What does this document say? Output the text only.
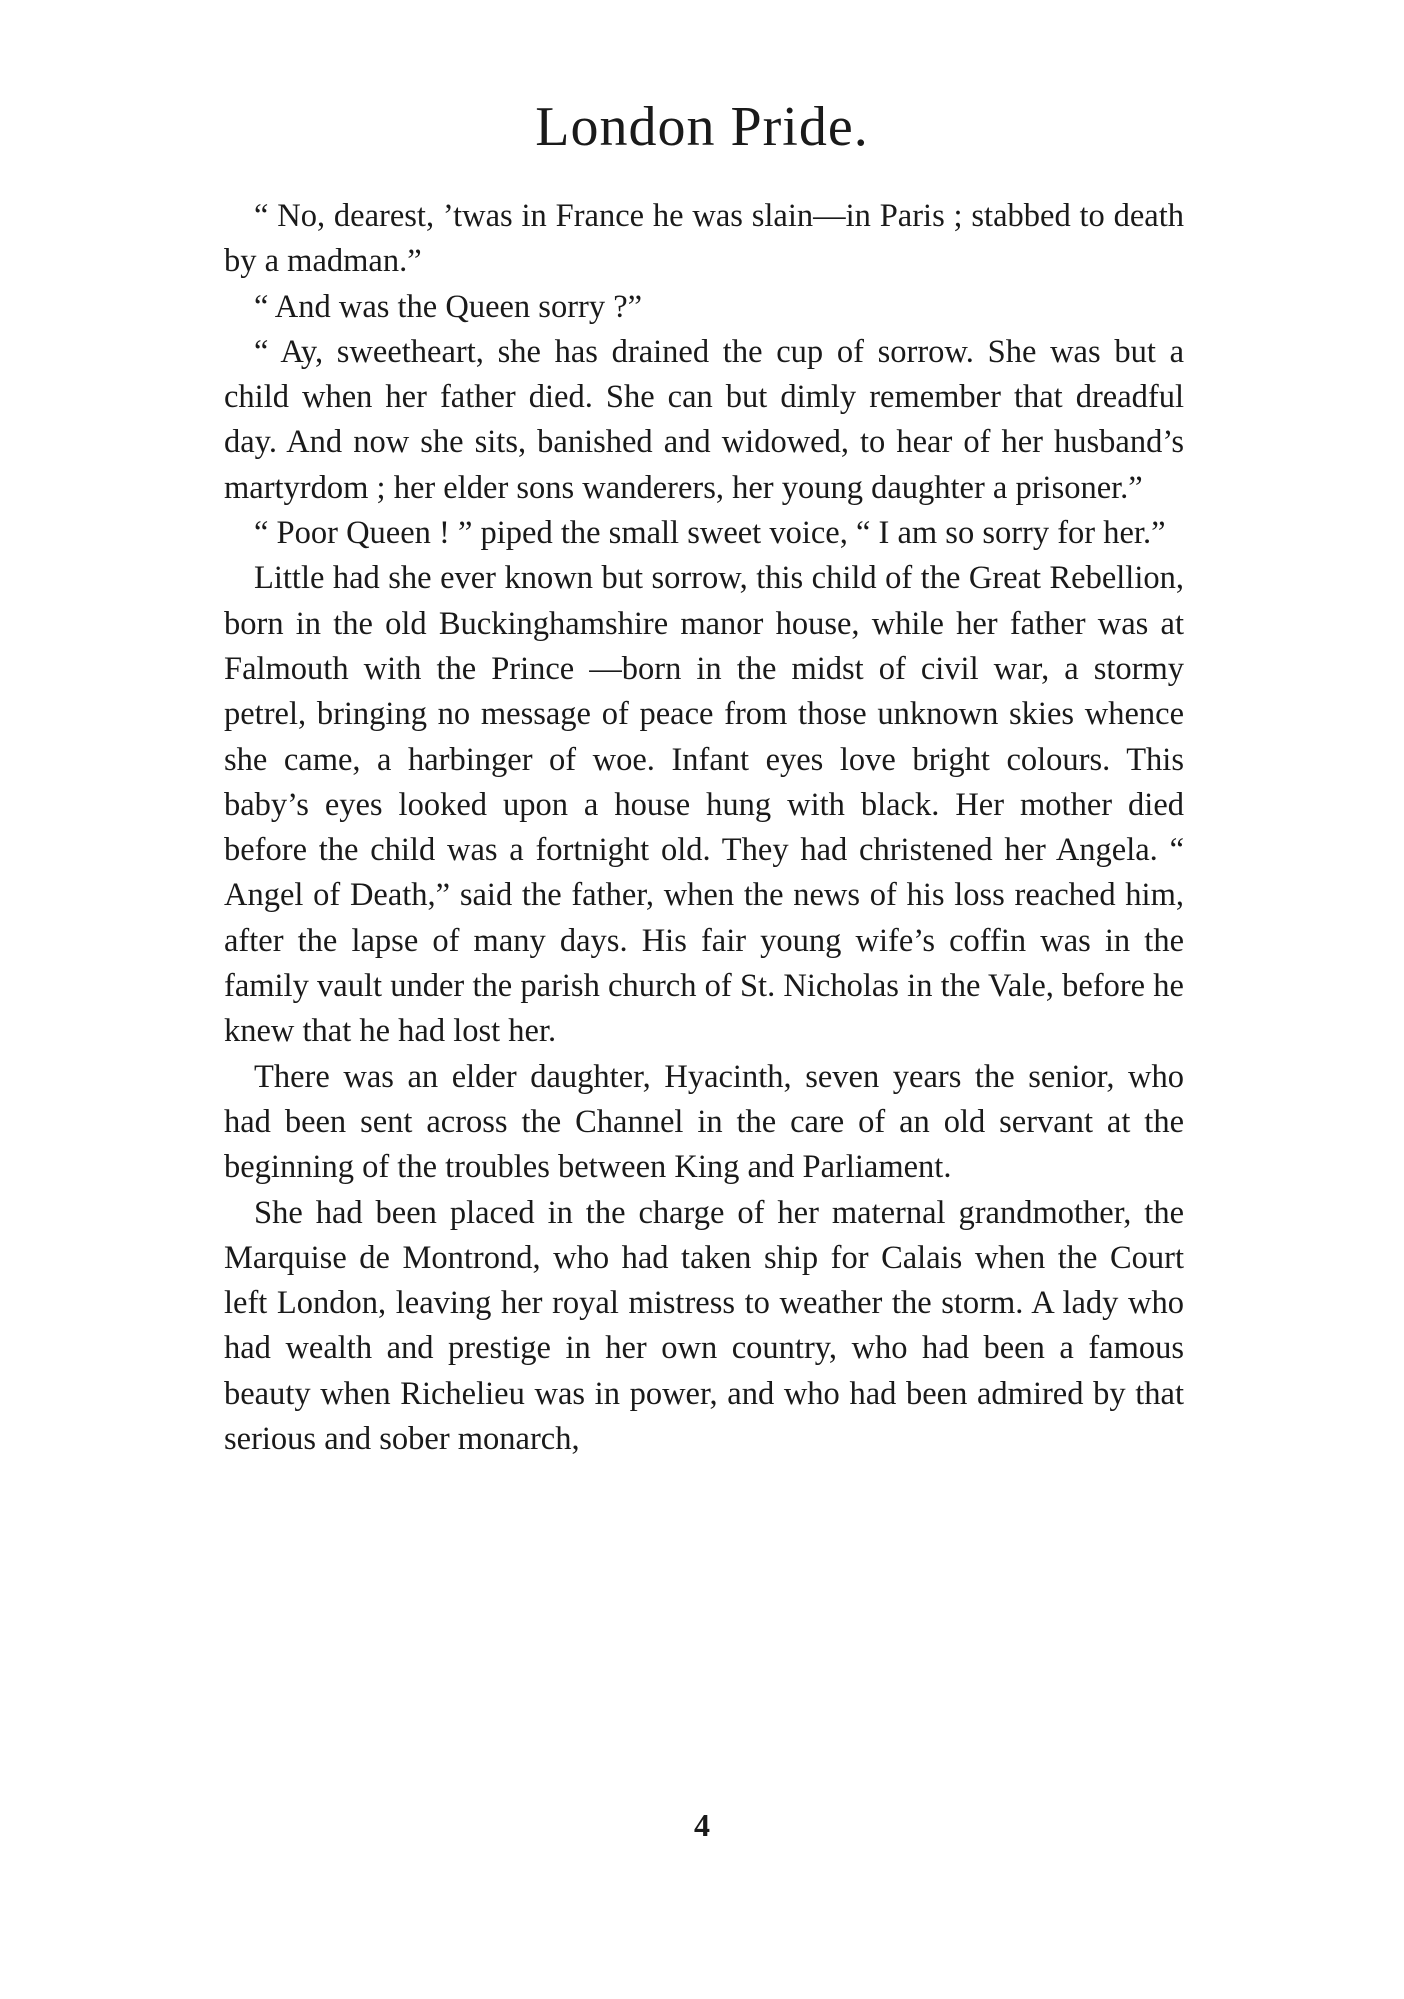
London Pride.

“ No, dearest, ’twas in France he was slain—in Paris ; stabbed to death by a madman.”

“ And was the Queen sorry ?”

“ Ay, sweetheart, she has drained the cup of sorrow. She was but a child when her father died. She can but dimly remember that dreadful day. And now she sits, banished and widowed, to hear of her husband’s martyrdom ; her elder sons wanderers, her young daughter a prisoner.”

“ Poor Queen ! ” piped the small sweet voice, “ I am so sorry for her.”

Little had she ever known but sorrow, this child of the Great Rebellion, born in the old Buckinghamshire manor house, while her father was at Falmouth with the Prince —born in the midst of civil war, a stormy petrel, bringing no message of peace from those unknown skies whence she came, a harbinger of woe. Infant eyes love bright colours. This baby’s eyes looked upon a house hung with black. Her mother died before the child was a fortnight old. They had christened her Angela. “ Angel of Death,” said the father, when the news of his loss reached him, after the lapse of many days. His fair young wife’s coffin was in the family vault under the parish church of St. Nicholas in the Vale, before he knew that he had lost her.

There was an elder daughter, Hyacinth, seven years the senior, who had been sent across the Channel in the care of an old servant at the beginning of the troubles between King and Parliament.

She had been placed in the charge of her maternal grandmother, the Marquise de Montrond, who had taken ship for Calais when the Court left London, leaving her royal mistress to weather the storm. A lady who had wealth and prestige in her own country, who had been a famous beauty when Richelieu was in power, and who had been admired by that serious and sober monarch,

4
